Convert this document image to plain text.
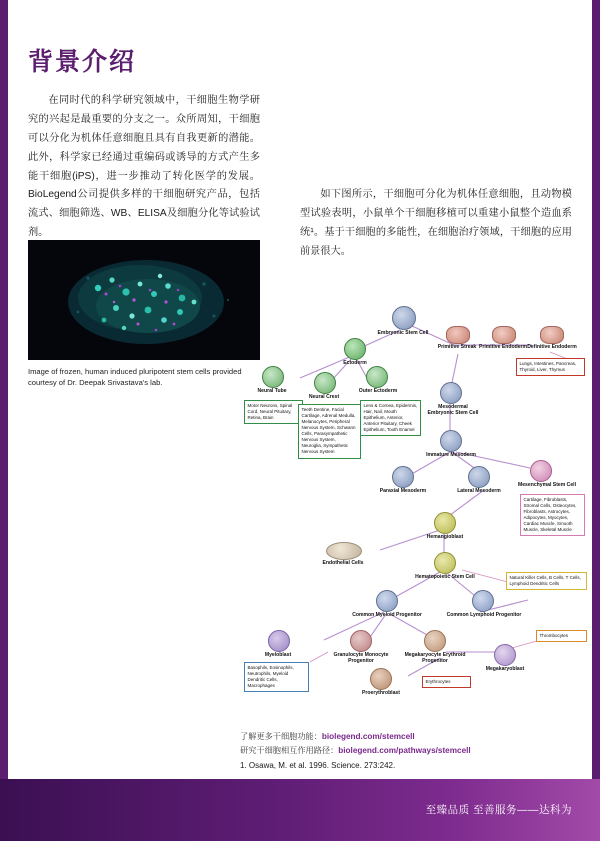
背景介绍
在同时代的科学研究领域中，干细胞生物学研究的兴起是最重要的分支之一。众所周知，干细胞可以分化为机体任意细胞且具有自我更新的潜能。此外，科学家已经通过重编码或诱导的方式产生多能干细胞(iPS)，进一步推动了转化医学的发展。BioLegend公司提供多样的干细胞研究产品，包括流式、细胞筛选、WB、ELISA及细胞分化等试验试剂。
如下图所示，干细胞可分化为机体任意细胞，且动物模型试验表明，小鼠单个干细胞移植可以重建小鼠整个造血系统¹。基于干细胞的多能性，在细胞治疗领域，干细胞的应用前景很大。
Image of frozen, human induced pluripotent stem cells provided courtesy of Dr. Deepak Srivastava's lab.
Embryonic Stem Cell
Primitive Streak Primitive Endoderm Definitive Endoderm
Lungs, Intestines, Pancreas, Thyroid, Liver, Thymus
Ectoderm
Neural Tube
Motor Neurons, Spinal Cord, Neural Pituitary, Retina, Brain
Neural Crest
Teeth Dentine, Facial Cartilage, Adrenal Medulla, Melanocytes, Peripheral Nervous System, Schwann Cells, Parasympathetic Nervous System, Neuroglia, Sympathetic Nervous System
Outer Ectoderm
Lens & Cornea, Epidermis, Hair, Nail, Mouth Epithelium, Anterior, Anterior Pituitary, Cheek Epithelium, Tooth Enamel
Mesodermal Embryonic Stem Cell
Immature Mesoderm
Paraxial Mesoderm	Lateral Mesoderm
Mesenchymal Stem Cell
Cartilage, Fibroblasts, Stromal Cells, Osteocytes, Fibroblasts, Astrocytes, Adipocytes, Myocytes, Cardiac Muscle, Smooth Muscle, Skeletal Muscle
Hemangioblast
Endothelial Cells
Hematopoietic Stem Cell	Natural Killer Cells, B Cells, T Cells, Lymphoid Dendritic Cells
Common Myeloid Progenitor	Common Lymphoid Progenitor
Myeloblast
Basophils, Eosinophils, Neutrophils, Myeloid Dendritic Cells, Macrophages
Granulocyte Monocyte Progenitor
Megakaryocyte Erythroid Progenitor
Thrombocytes
Megakaryoblast
Proerythroblast
Erythrocytes
了解更多干细胞功能：biolegend.com/stemcell
研究干细胞相互作用路径：biolegend.com/pathways/stemcell
1. Osawa, M. et al. 1996. Science. 273:242.
至臻品质 至善服务——达科为
